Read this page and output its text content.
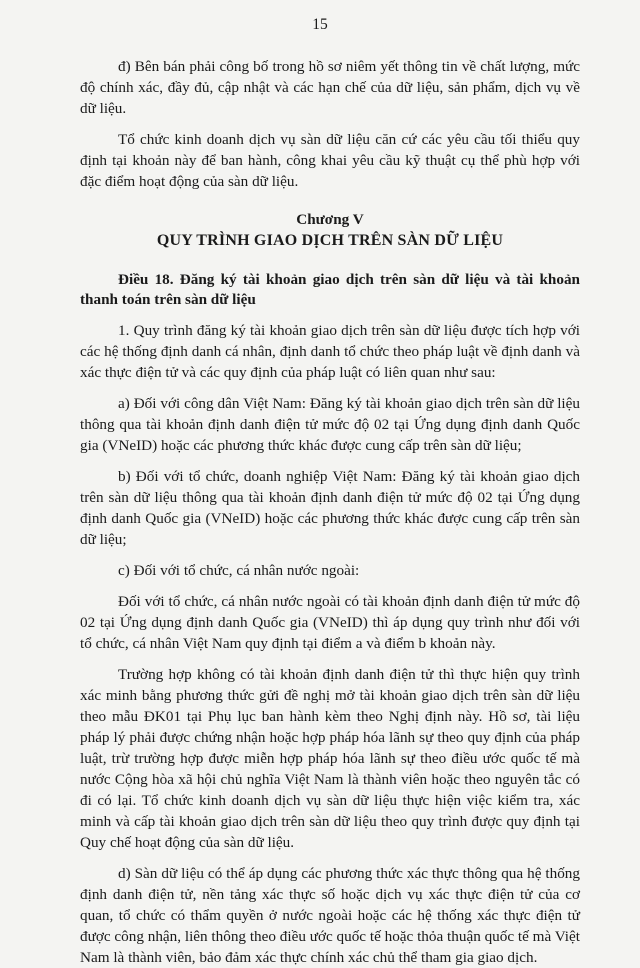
15

đ) Bên bán phải công bố trong hồ sơ niêm yết thông tin về chất lượng, mức độ chính xác, đầy đủ, cập nhật và các hạn chế của dữ liệu, sản phẩm, dịch vụ về dữ liệu.

Tổ chức kinh doanh dịch vụ sàn dữ liệu căn cứ các yêu cầu tối thiểu quy định tại khoản này để ban hành, công khai yêu cầu kỹ thuật cụ thể phù hợp với đặc điểm hoạt động của sàn dữ liệu.

Chương V
QUY TRÌNH GIAO DỊCH TRÊN SÀN DỮ LIỆU
Điều 18. Đăng ký tài khoản giao dịch trên sàn dữ liệu và tài khoản thanh toán trên sàn dữ liệu

1. Quy trình đăng ký tài khoản giao dịch trên sàn dữ liệu được tích hợp với các hệ thống định danh cá nhân, định danh tổ chức theo pháp luật về định danh và xác thực điện tử và các quy định của pháp luật có liên quan như sau:

a) Đối với công dân Việt Nam: Đăng ký tài khoản giao dịch trên sàn dữ liệu thông qua tài khoản định danh điện tử mức độ 02 tại Ứng dụng định danh Quốc gia (VNeID) hoặc các phương thức khác được cung cấp trên sàn dữ liệu;

b) Đối với tổ chức, doanh nghiệp Việt Nam: Đăng ký tài khoản giao dịch trên sàn dữ liệu thông qua tài khoản định danh điện tử mức độ 02 tại Ứng dụng định danh Quốc gia (VNeID) hoặc các phương thức khác được cung cấp trên sàn dữ liệu;

c) Đối với tổ chức, cá nhân nước ngoài:

Đối với tổ chức, cá nhân nước ngoài có tài khoản định danh điện tử mức độ 02 tại Ứng dụng định danh Quốc gia (VNeID) thì áp dụng quy trình như đối với tổ chức, cá nhân Việt Nam quy định tại điểm a và điểm b khoản này.

Trường hợp không có tài khoản định danh điện tử thì thực hiện quy trình xác minh bằng phương thức gửi đề nghị mở tài khoản giao dịch trên sàn dữ liệu theo mẫu ĐK01 tại Phụ lục ban hành kèm theo Nghị định này. Hồ sơ, tài liệu pháp lý phải được chứng nhận hoặc hợp pháp hóa lãnh sự theo quy định của pháp luật, trừ trường hợp được miễn hợp pháp hóa lãnh sự theo điều ước quốc tế mà nước Cộng hòa xã hội chủ nghĩa Việt Nam là thành viên hoặc theo nguyên tắc có đi có lại. Tổ chức kinh doanh dịch vụ sàn dữ liệu thực hiện việc kiểm tra, xác minh và cấp tài khoản giao dịch trên sàn dữ liệu theo quy trình được quy định tại Quy chế hoạt động của sàn dữ liệu.

d) Sàn dữ liệu có thể áp dụng các phương thức xác thực thông qua hệ thống định danh điện tử, nền tảng xác thực số hoặc dịch vụ xác thực điện tử của cơ quan, tổ chức có thẩm quyền ở nước ngoài hoặc các hệ thống xác thực điện tử được công nhận, liên thông theo điều ước quốc tế hoặc thỏa thuận quốc tế mà Việt Nam là thành viên, bảo đảm xác thực chính xác chủ thể tham gia giao dịch.
